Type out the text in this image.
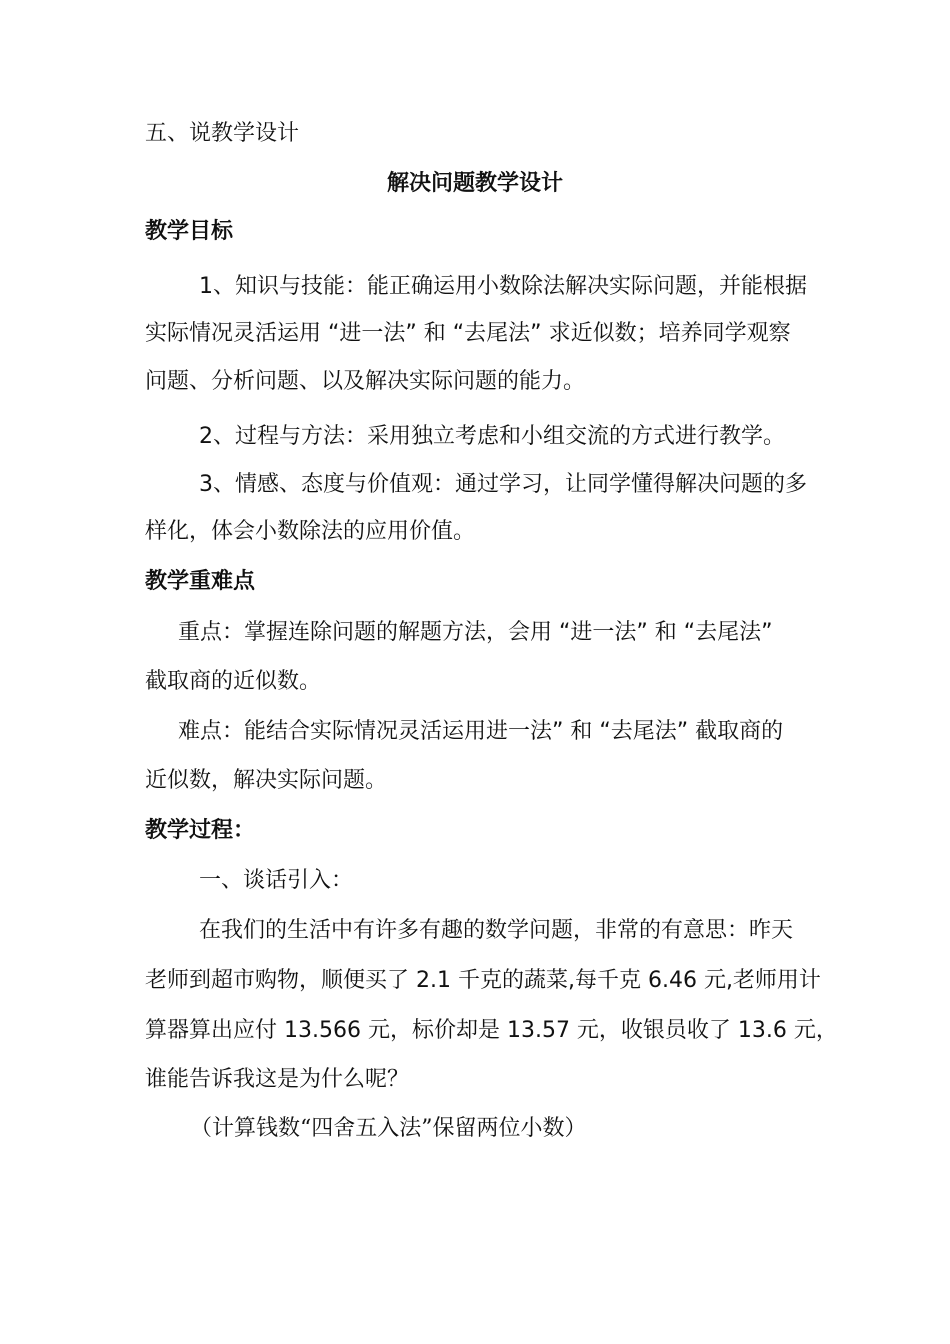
五、说教学设计
解决问题教学设计
教学目标
1、知识与技能：能正确运用小数除法解决实际问题，并能根据
实际情况灵活运用 “进一法” 和 “去尾法” 求近似数；培养同学观察
问题、分析问题、以及解决实际问题的能力。
2、过程与方法：采用独立考虑和小组交流的方式进行教学。
3、情感、态度与价值观：通过学习，让同学懂得解决问题的多
样化，体会小数除法的应用价值。
教学重难点
重点：掌握连除问题的解题方法，会用 “进一法” 和 “去尾法”
截取商的近似数。
难点：能结合实际情况灵活运用进一法” 和 “去尾法” 截取商的
近似数，解决实际问题。
教学过程：
一、谈话引入：
在我们的生活中有许多有趣的数学问题，非常的有意思：昨天
老师到超市购物，顺便买了 2.1 千克的蔬菜,每千克 6.46 元,老师用计
算器算出应付 13.566 元，标价却是 13.57 元，收银员收了 13.6 元，
谁能告诉我这是为什么呢？
（计算钱数“四舍五入法”保留两位小数）
